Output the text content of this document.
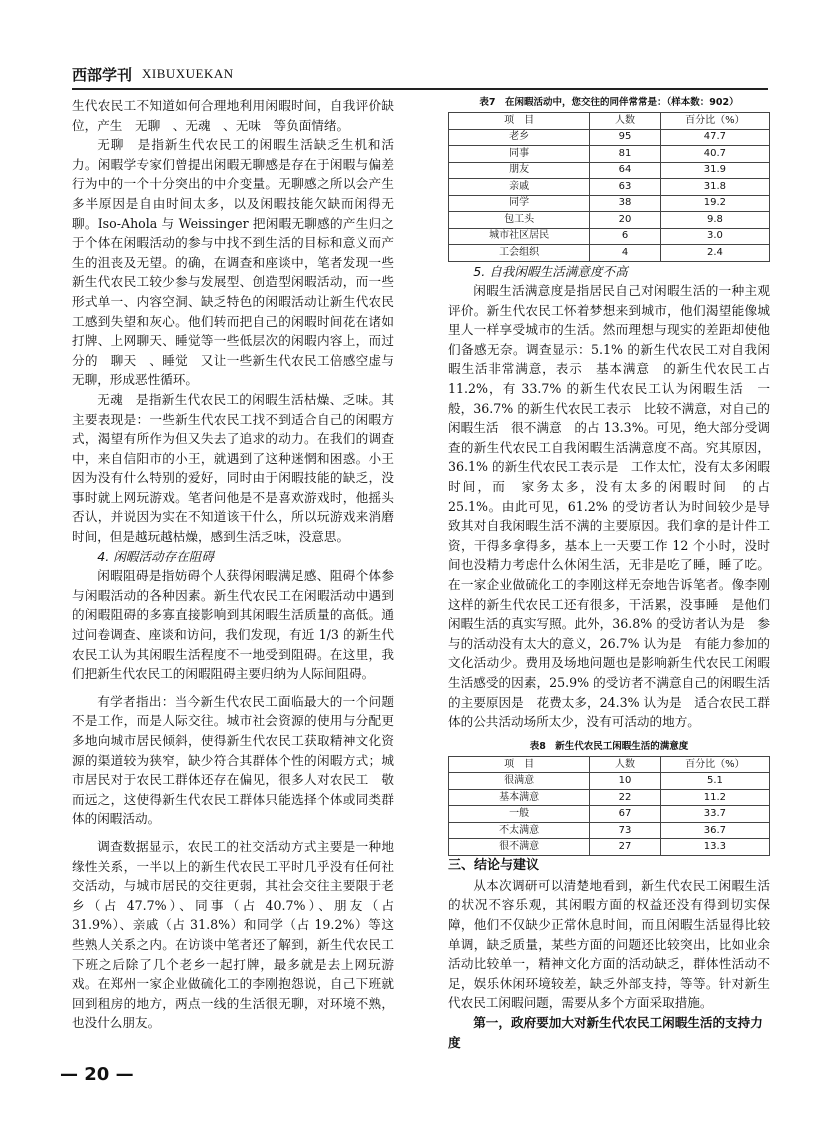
西部学刊 XIBUXUEKAN

生代农民工不知道如何合理地利用闲暇时间，自我评价缺位，产生　无聊　、无魂　、无味　等负面情绪。

无聊　是指新生代农民工的闲暇生活缺乏生机和活力。闲暇学专家们曾提出闲暇无聊感是存在于闲暇与偏差行为中的一个十分突出的中介变量。无聊感之所以会产生多半原因是自由时间太多，以及闲暇技能欠缺而闲得无聊。Iso-Ahola 与 Weissinger 把闲暇无聊感的产生归之于个体在闲暇活动的参与中找不到生活的目标和意义而产生的沮丧及无望。的确，在调查和座谈中，笔者发现一些新生代农民工较少参与发展型、创造型闲暇活动，而一些形式单一、内容空洞、缺乏特色的闲暇活动让新生代农民工感到失望和灰心。他们转而把自己的闲暇时间花在诸如打牌、上网聊天、睡觉等一些低层次的闲暇内容上，而过分的　聊天　、睡觉　又让一些新生代农民工倍感空虚与无聊，形成恶性循环。

无魂　是指新生代农民工的闲暇生活枯燥、乏味。其主要表现是：一些新生代农民工找不到适合自己的闲暇方式，渴望有所作为但又失去了追求的动力。在我们的调查中，来自信阳市的小王，就遇到了这种迷惘和困惑。小王因为没有什么特别的爱好，同时由于闲暇技能的缺乏，没事时就上网玩游戏。笔者问他是不是喜欢游戏时，他摇头否认，并说因为实在不知道该干什么，所以玩游戏来消磨时间，但是越玩越枯燥，感到生活乏味，没意思。

4. 闲暇活动存在阻碍

闲暇阻碍是指妨碍个人获得闲暇满足感、阻碍个体参与闲暇活动的各种因素。新生代农民工在闲暇活动中遇到的闲暇阻碍的多寡直接影响到其闲暇生活质量的高低。通过问卷调查、座谈和访问，我们发现，有近 1/3 的新生代农民工认为其闲暇生活程度不一地受到阻碍。在这里，我们把新生代农民工的闲暇阻碍主要归纳为人际间阻碍。

有学者指出：当今新生代农民工面临最大的一个问题不是工作，而是人际交往。城市社会资源的使用与分配更多地向城市居民倾斜，使得新生代农民工获取精神文化资源的渠道较为狭窄，缺少符合其群体个性的闲暇方式；城市居民对于农民工群体还存在偏见，很多人对农民工　敬而远之，这使得新生代农民工群体只能选择个体或同类群体的闲暇活动。

调查数据显示，农民工的社交活动方式主要是一种地缘性关系，一半以上的新生代农民工平时几乎没有任何社交活动，与城市居民的交往更弱，其社会交往主要限于老乡（占 47.7%）、同事（占 40.7%）、朋友（占 31.9%）、亲戚（占 31.8%）和同学（占 19.2%）等这些熟人关系之内。在访谈中笔者还了解到，新生代农民工下班之后除了几个老乡一起打牌，最多就是去上网玩游戏。在郑州一家企业做硫化工的李刚抱怨说，自己下班就回到租房的地方，两点一线的生活很无聊，对环境不熟，也没什么朋友。

表7　在闲暇活动中，您交往的同伴常常是：（样本数：902）

项　目	人数	百分比（%）
老乡	95	47.7
同事	81	40.7
朋友	64	31.9
亲戚	63	31.8
同学	38	19.2
包工头	20	9.8
城市社区居民	6	3.0
工会组织	4	2.4

5. 自我闲暇生活满意度不高

闲暇生活满意度是指居民自己对闲暇生活的一种主观评价。新生代农民工怀着梦想来到城市，他们渴望能像城里人一样享受城市的生活。然而理想与现实的差距却使他们备感无奈。调查显示：5.1% 的新生代农民工对自我闲暇生活非常满意，表示　基本满意　的新生代农民工占 11.2%，有 33.7% 的新生代农民工认为闲暇生活　一般，36.7% 的新生代农民工表示　比较不满意，对自己的闲暇生活　很不满意　的占 13.3%。可见，绝大部分受调查的新生代农民工自我闲暇生活满意度不高。究其原因，36.1% 的新生代农民工表示是　工作太忙，没有太多闲暇时间，而　家务太多，没有太多的闲暇时间　的占 25.1%。由此可见，61.2% 的受访者认为时间较少是导致其对自我闲暇生活不满的主要原因。我们拿的是计件工资，干得多拿得多，基本上一天要工作 12 个小时，没时间也没精力考虑什么休闲生活，无非是吃了睡，睡了吃。在一家企业做硫化工的李刚这样无奈地告诉笔者。像李刚这样的新生代农民工还有很多，干活累，没事睡　是他们闲暇生活的真实写照。此外，36.8% 的受访者认为是　参与的活动没有太大的意义，26.7% 认为是　有能力参加的文化活动少。费用及场地问题也是影响新生代农民工闲暇生活感受的因素，25.9% 的受访者不满意自己的闲暇生活的主要原因是　花费太多，24.3% 认为是　适合农民工群体的公共活动场所太少，没有可活动的地方。

表8　新生代农民工闲暇生活的满意度

项　目	人数	百分比（%）
很满意	10	5.1
基本满意	22	11.2
一般	67	33.7
不太满意	73	36.7
很不满意	27	13.3

三、结论与建议

从本次调研可以清楚地看到，新生代农民工闲暇生活的状况不容乐观，其闲暇方面的权益还没有得到切实保障，他们不仅缺少正常休息时间，而且闲暇生活显得比较单调，缺乏质量，某些方面的问题还比较突出，比如业余活动比较单一，精神文化方面的活动缺乏，群体性活动不足，娱乐休闲环境较差，缺乏外部支持，等等。针对新生代农民工闲暇问题，需要从多个方面采取措施。

第一，政府要加大对新生代农民工闲暇生活的支持力度

— 20 —
